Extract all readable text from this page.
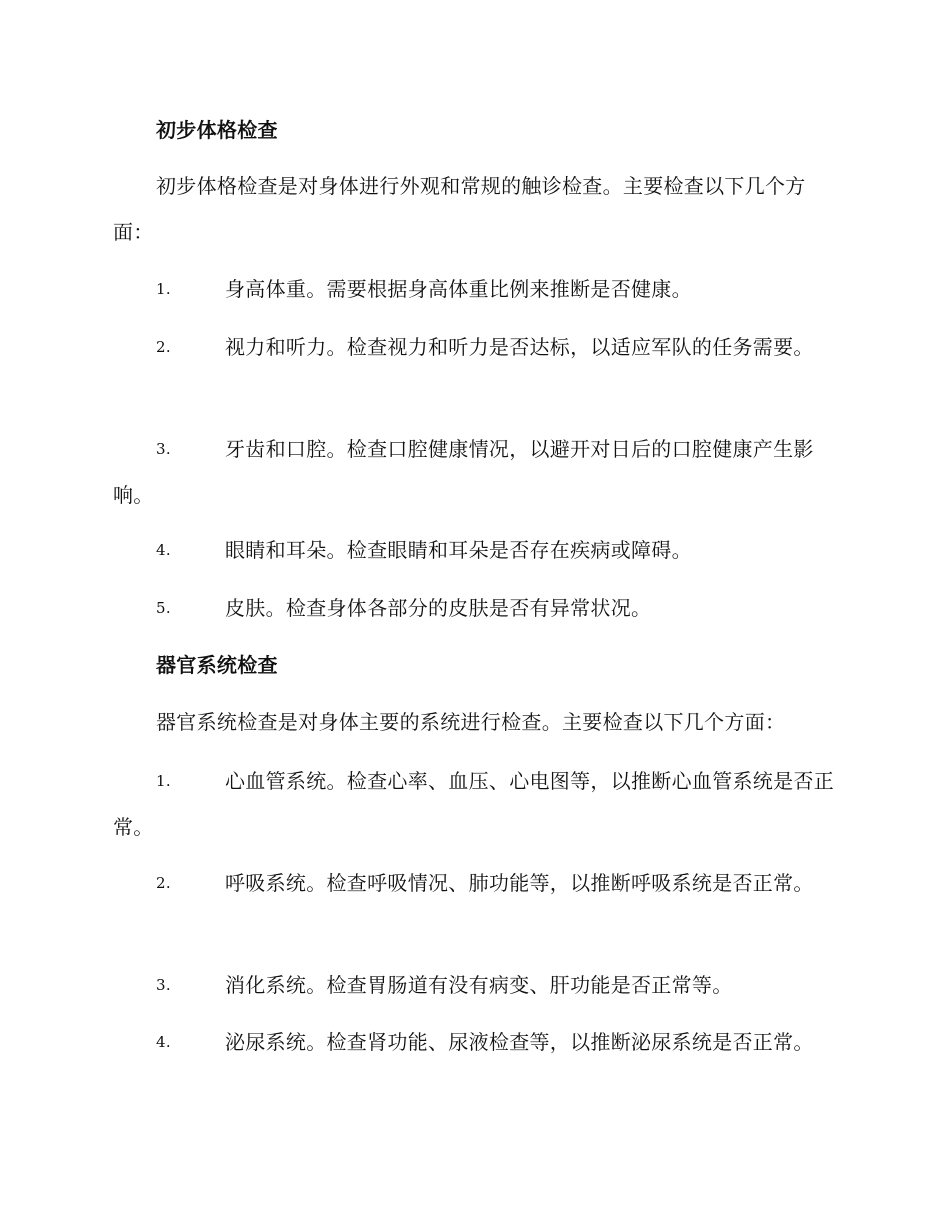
初步体格检查
初步体格检查是对身体进行外观和常规的触诊检查。主要检查以下几个方面：
1.	身高体重。需要根据身高体重比例来推断是否健康。
2.	视力和听力。检查视力和听力是否达标，以适应军队的任务需要。
3.	牙齿和口腔。检查口腔健康情况，以避开对日后的口腔健康产生影响。
4.	眼睛和耳朵。检查眼睛和耳朵是否存在疾病或障碍。
5.	皮肤。检查身体各部分的皮肤是否有异常状况。
器官系统检查
器官系统检查是对身体主要的系统进行检查。主要检查以下几个方面：
1.	心血管系统。检查心率、血压、心电图等，以推断心血管系统是否正常。
2.	呼吸系统。检查呼吸情况、肺功能等，以推断呼吸系统是否正常。
3.	消化系统。检查胃肠道有没有病变、肝功能是否正常等。
4.	泌尿系统。检查肾功能、尿液检查等，以推断泌尿系统是否正常。
